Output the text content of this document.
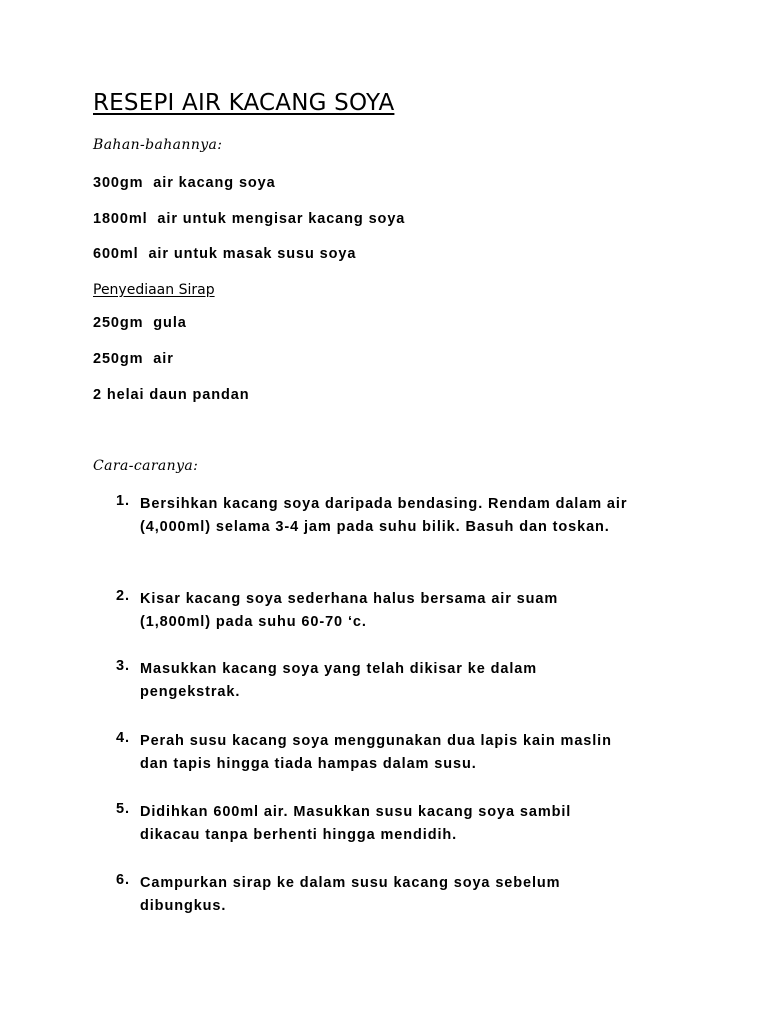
RESEPI AIR KACANG SOYA
Bahan-bahannya:
300gm  air kacang soya
1800ml  air untuk mengisar kacang soya
600ml  air untuk masak susu soya
Penyediaan Sirap
250gm  gula
250gm  air
2 helai daun pandan
Cara-caranya:
1. Bersihkan kacang soya daripada bendasing. Rendam dalam air
(4,000ml) selama 3-4 jam pada suhu bilik. Basuh dan toskan.
2. Kisar kacang soya sederhana halus bersama air suam
(1,800ml) pada suhu 60-70 ‘c.
3. Masukkan kacang soya yang telah dikisar ke dalam
pengekstrak.
4. Perah susu kacang soya menggunakan dua lapis kain maslin
dan tapis hingga tiada hampas dalam susu.
5. Didihkan 600ml air. Masukkan susu kacang soya sambil
dikacau tanpa berhenti hingga mendidih.
6. Campurkan sirap ke dalam susu kacang soya sebelum
dibungkus.
